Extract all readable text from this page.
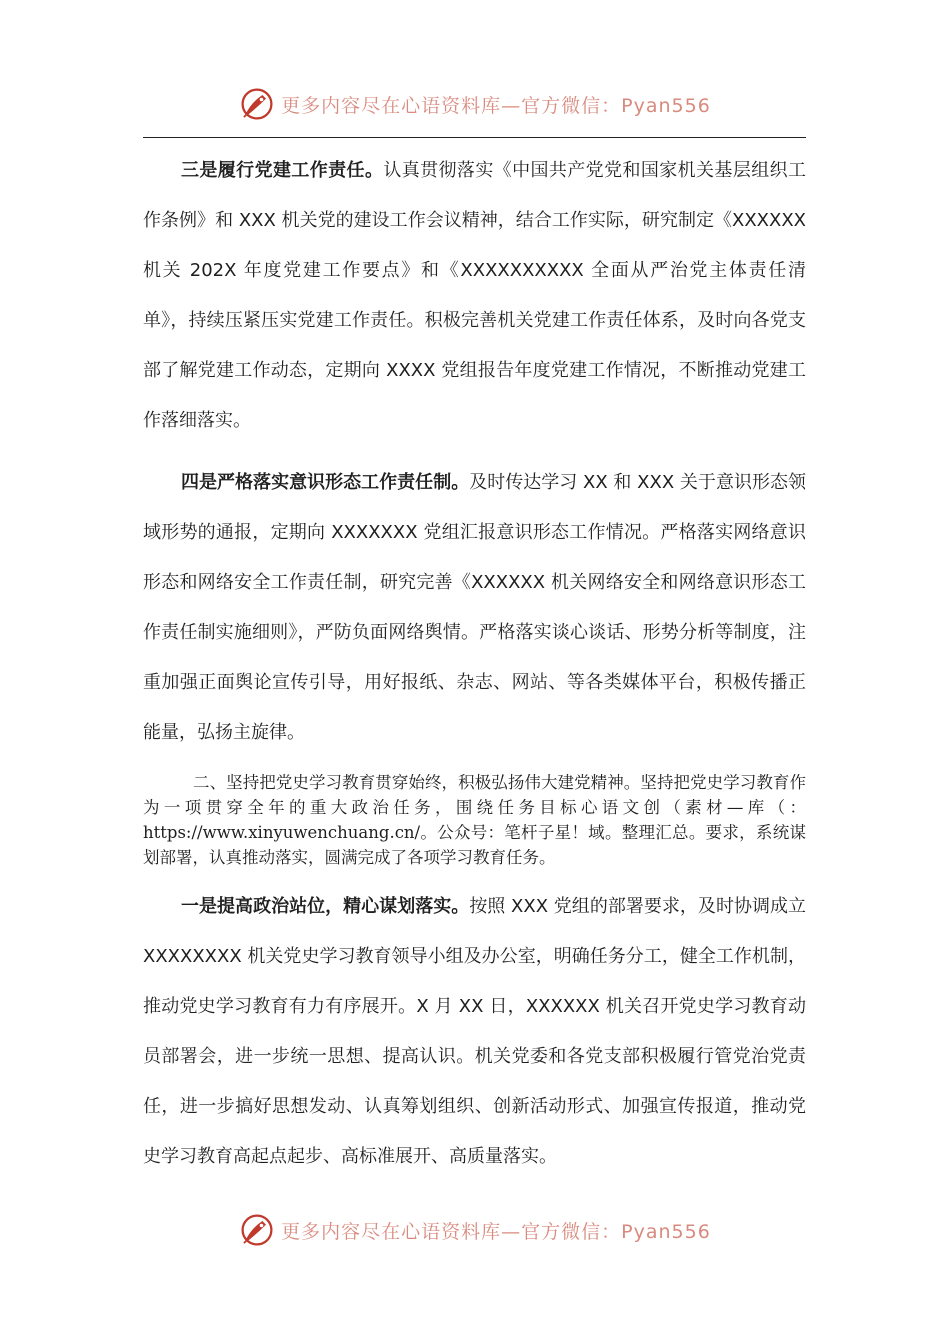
更多内容尽在心语资料库—官方微信：Pyan556

三是履行党建工作责任。认真贯彻落实《中国共产党党和国家机关基层组织工作条例》和 XXX 机关党的建设工作会议精神，结合工作实际，研究制定《XXXXXX 机关 202X 年度党建工作要点》和《XXXXXXXXXX 全面从严治党主体责任清单》，持续压紧压实党建工作责任。积极完善机关党建工作责任体系，及时向各党支部了解党建工作动态，定期向 XXXX 党组报告年度党建工作情况，不断推动党建工作落细落实。

四是严格落实意识形态工作责任制。及时传达学习 XX 和 XXX 关于意识形态领域形势的通报，定期向 XXXXXXX 党组汇报意识形态工作情况。严格落实网络意识形态和网络安全工作责任制，研究完善《XXXXXX 机关网络安全和网络意识形态工作责任制实施细则》，严防负面网络舆情。严格落实谈心谈话、形势分析等制度，注重加强正面舆论宣传引导，用好报纸、杂志、网站、等各类媒体平台，积极传播正能量，弘扬主旋律。

二、坚持把党史学习教育贯穿始终，积极弘扬伟大建党精神。坚持把党史学习教育作为一项贯穿全年的重大政治任务，围绕任务目标心语文创（素材—库（：https://www.xinyuwenchuang.cn/。公众号：笔杆子星！域。整理汇总。要求，系统谋划部署，认真推动落实，圆满完成了各项学习教育任务。

一是提高政治站位，精心谋划落实。按照 XXX 党组的部署要求，及时协调成立 XXXXXXXX 机关党史学习教育领导小组及办公室，明确任务分工，健全工作机制，推动党史学习教育有力有序展开。X 月 XX 日，XXXXXX 机关召开党史学习教育动员部署会，进一步统一思想、提高认识。机关党委和各党支部积极履行管党治党责任，进一步搞好思想发动、认真筹划组织、创新活动形式、加强宣传报道，推动党史学习教育高起点起步、高标准展开、高质量落实。

更多内容尽在心语资料库—官方微信：Pyan556
